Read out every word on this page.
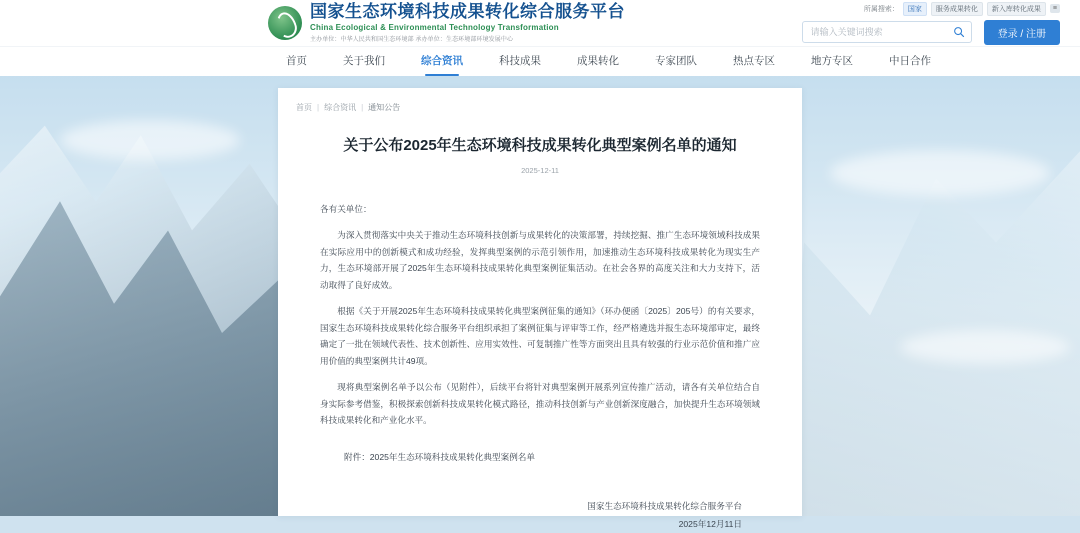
国家生态环境科技成果转化综合服务平台
China Ecological & Environmental Technology Transformation
主办单位：中华人民共和国生态环境部 承办单位：生态环境部环境发展中心
所属搜索：	国家	服务成果转化	新入库转化成果	≡
请输入关键词搜索
登录 / 注册
首页	关于我们	综合资讯	科技成果	成果转化	专家团队	热点专区	地方专区	中日合作
首页 | 综合资讯 | 通知公告
关于公布2025年生态环境科技成果转化典型案例名单的通知
2025-12-11

各有关单位：

为深入贯彻落实中央关于推动生态环境科技创新与成果转化的决策部署，持续挖掘、推广生态环境领域科技成果在实际应用中的创新模式和成功经验，发挥典型案例的示范引领作用，加速推动生态环境科技成果转化为现实生产力，生态环境部开展了2025年生态环境科技成果转化典型案例征集活动。在社会各界的高度关注和大力支持下，活动取得了良好成效。

根据《关于开展2025年生态环境科技成果转化典型案例征集的通知》（环办便函〔2025〕205号）的有关要求，国家生态环境科技成果转化综合服务平台组织承担了案例征集与评审等工作，经严格遴选并报生态环境部审定，最终确定了一批在领域代表性、技术创新性、应用实效性、可复制推广性等方面突出且具有较强的行业示范价值和推广应用价值的典型案例共计49项。

现将典型案例名单予以公布（见附件），后续平台将针对典型案例开展系列宣传推广活动，请各有关单位结合自身实际参考借鉴，积极探索创新科技成果转化模式路径，推动科技创新与产业创新深度融合，加快提升生态环境领域科技成果转化和产业化水平。

附件：2025年生态环境科技成果转化典型案例名单
国家生态环境科技成果转化综合服务平台
2025年12月11日
